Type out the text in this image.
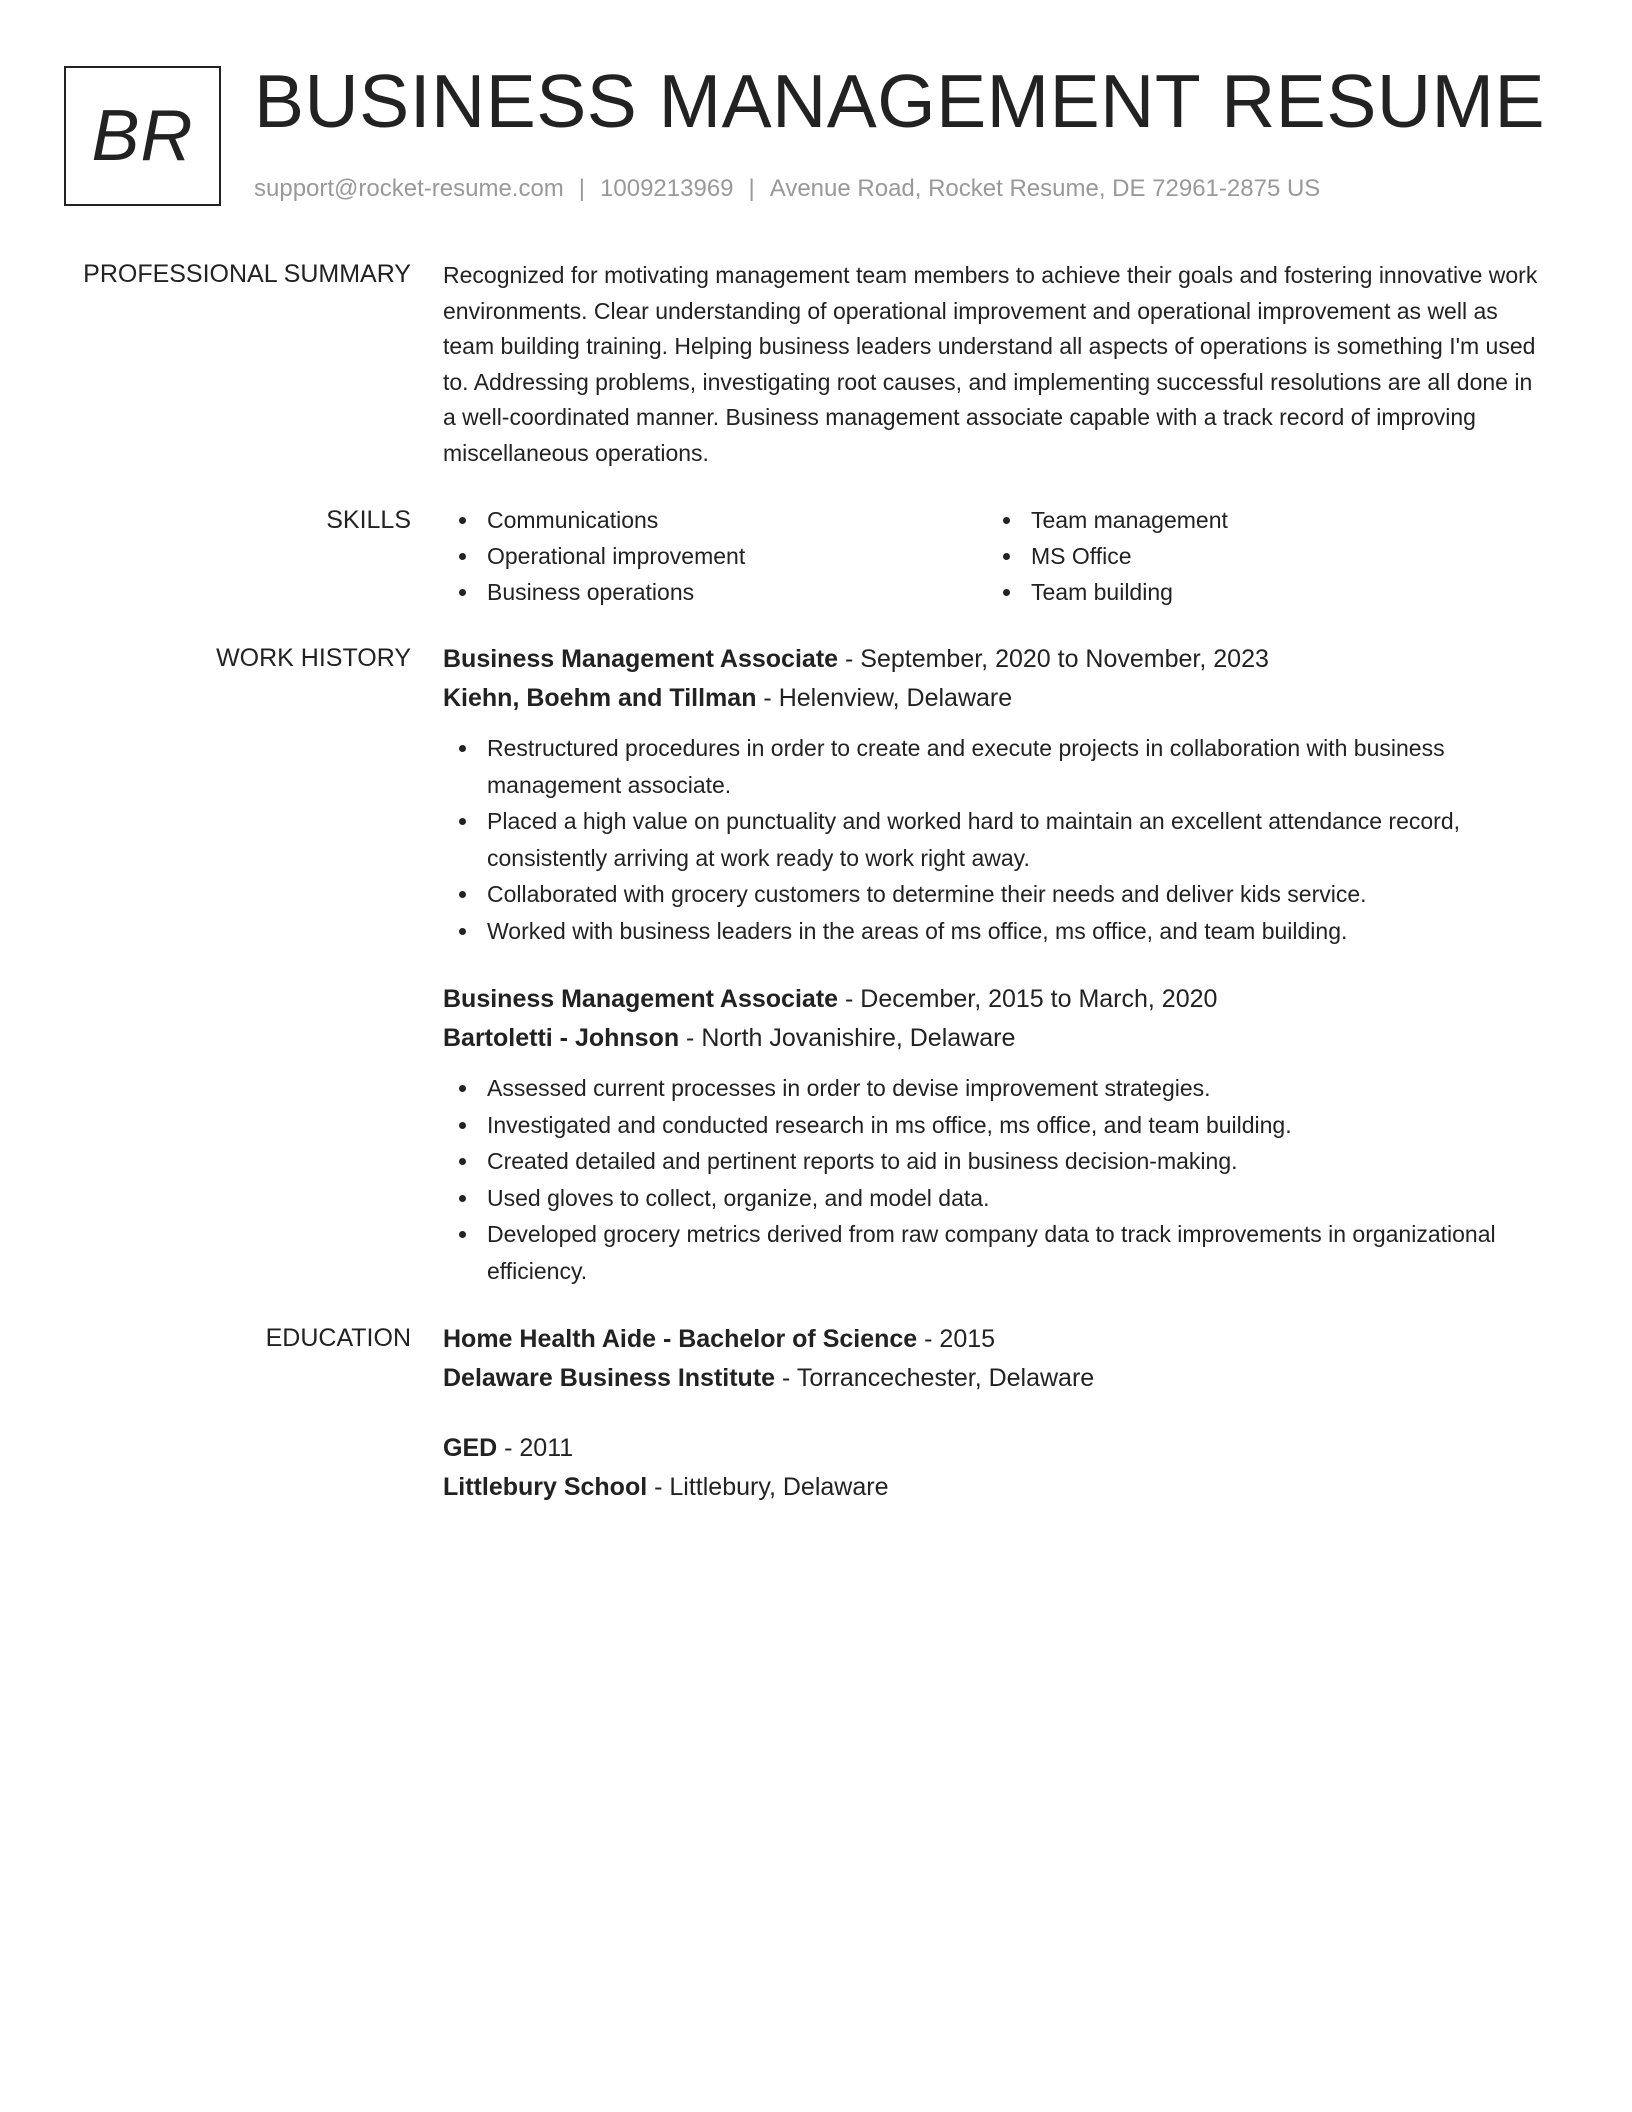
BR BUSINESS MANAGEMENT RESUME
support@rocket-resume.com | 1009213969 | Avenue Road, Rocket Resume, DE 72961-2875 US
PROFESSIONAL SUMMARY Recognized for motivating management team members to achieve their goals and fostering innovative work environments. Clear understanding of operational improvement and operational improvement as well as team building training. Helping business leaders understand all aspects of operations is something I'm used to. Addressing problems, investigating root causes, and implementing successful resolutions are all done in a well-coordinated manner. Business management associate capable with a track record of improving miscellaneous operations.

SKILLS	Communications
Operational improvement
Business operations
Team management
MS Office
Team building
WORK HISTORY Business Management Associate - September, 2020 to November, 2023
Kiehn, Boehm and Tillman - Helenview, Delaware
Restructured procedures in order to create and execute projects in collaboration with business management associate.
Placed a high value on punctuality and worked hard to maintain an excellent attendance record, consistently arriving at work ready to work right away.
Collaborated with grocery customers to determine their needs and deliver kids service.
Worked with business leaders in the areas of ms office, ms office, and team building.
Business Management Associate - December, 2015 to March, 2020
Bartoletti - Johnson - North Jovanishire, Delaware
Assessed current processes in order to devise improvement strategies.
Investigated and conducted research in ms office, ms office, and team building.
Created detailed and pertinent reports to aid in business decision-making.
Used gloves to collect, organize, and model data.
Developed grocery metrics derived from raw company data to track improvements in organizational efficiency.
EDUCATION Home Health Aide - Bachelor of Science - 2015
Delaware Business Institute - Torrancechester, Delaware
GED - 2011
Littlebury School - Littlebury, Delaware
